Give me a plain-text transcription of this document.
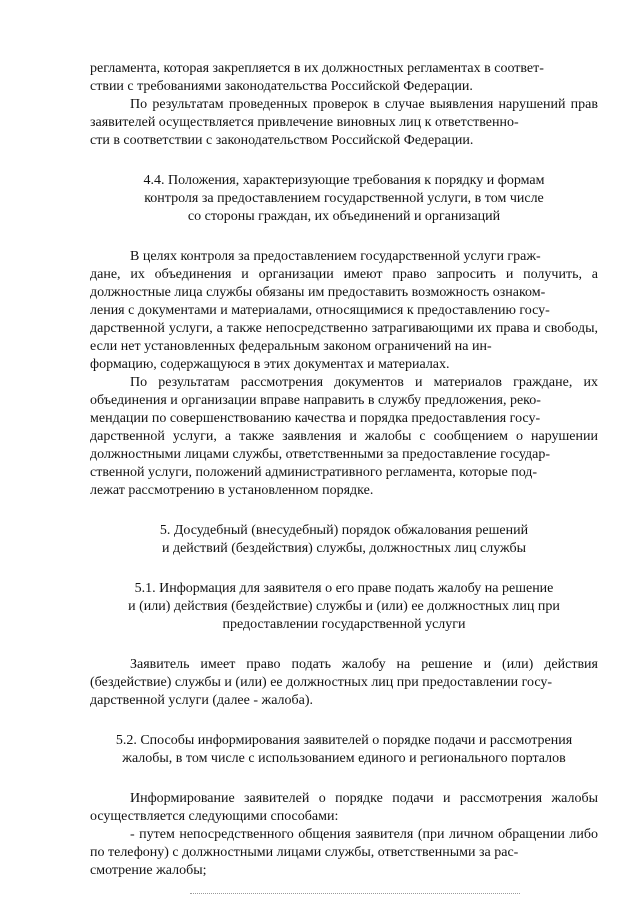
регламента, которая закрепляется в их должностных регламентах в соответ-
ствии с требованиями законодательства Российской Федерации.

По результатам проведенных проверок в случае выявления нарушений прав заявителей осуществляется привлечение виновных лиц к ответственно-
сти в соответствии с законодательством Российской Федерации.

4.4. Положения, характеризующие требования к порядку и формам
контроля за предоставлением государственной услуги, в том числе
со стороны граждан, их объединений и организаций

В целях контроля за предоставлением государственной услуги граж-
дане, их объединения и организации имеют право запросить и получить, а должностные лица службы обязаны им предоставить возможность ознаком-
ления с документами и материалами, относящимися к предоставлению госу-
дарственной услуги, а также непосредственно затрагивающими их права и свободы, если нет установленных федеральным законом ограничений на ин-
формацию, содержащуюся в этих документах и материалах.

По результатам рассмотрения документов и материалов граждане, их объединения и организации вправе направить в службу предложения, реко-
мендации по совершенствованию качества и порядка предоставления госу-
дарственной услуги, а также заявления и жалобы с сообщением о нарушении должностными лицами службы, ответственными за предоставление государ-
ственной услуги, положений административного регламента, которые под-
лежат рассмотрению в установленном порядке.

5. Досудебный (внесудебный) порядок обжалования решений
и действий (бездействия) службы, должностных лиц службы

5.1. Информация для заявителя о его праве подать жалобу на решение
и (или) действия (бездействие) службы и (или) ее должностных лиц при
предоставлении государственной услуги

Заявитель имеет право подать жалобу на решение и (или) действия (бездействие) службы и (или) ее должностных лиц при предоставлении госу-
дарственной услуги (далее - жалоба).

5.2. Способы информирования заявителей о порядке подачи и рассмотрения
жалобы, в том числе с использованием единого и регионального порталов

Информирование заявителей о порядке подачи и рассмотрения жалобы осуществляется следующими способами:

- путем непосредственного общения заявителя (при личном обращении либо по телефону) с должностными лицами службы, ответственными за рас-
смотрение жалобы;
